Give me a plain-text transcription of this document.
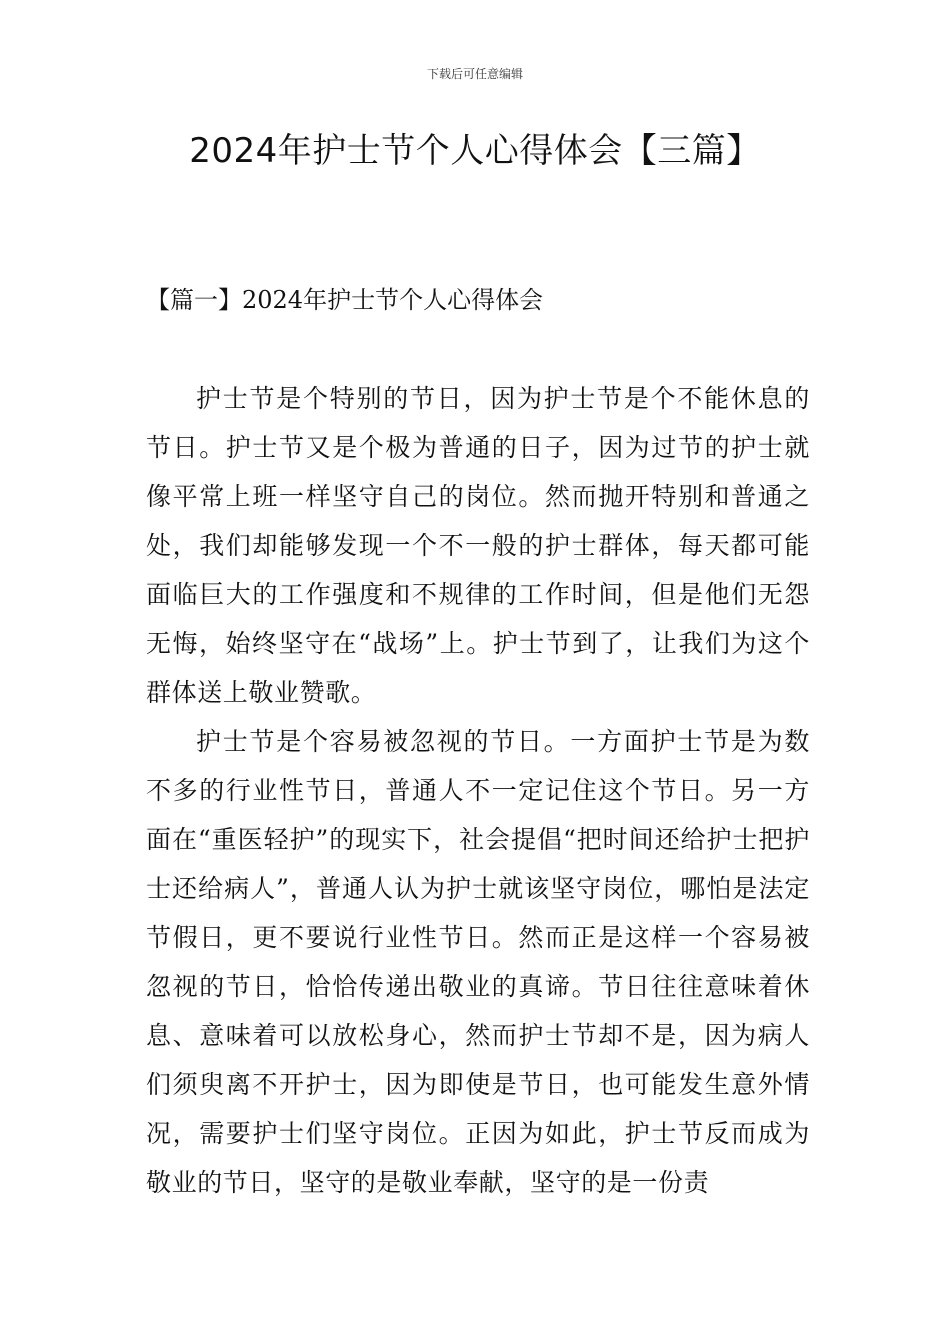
下载后可任意编辑
2024年护士节个人心得体会【三篇】
【篇一】2024年护士节个人心得体会

护士节是个特别的节日，因为护士节是个不能休息的节日。护士节又是个极为普通的日子，因为过节的护士就像平常上班一样坚守自己的岗位。然而抛开特别和普通之处，我们却能够发现一个不一般的护士群体，每天都可能面临巨大的工作强度和不规律的工作时间，但是他们无怨无悔，始终坚守在“战场”上。护士节到了，让我们为这个群体送上敬业赞歌。

护士节是个容易被忽视的节日。一方面护士节是为数不多的行业性节日，普通人不一定记住这个节日。另一方面在“重医轻护”的现实下，社会提倡“把时间还给护士把护士还给病人”，普通人认为护士就该坚守岗位，哪怕是法定节假日，更不要说行业性节日。然而正是这样一个容易被忽视的节日，恰恰传递出敬业的真谛。节日往往意味着休息、意味着可以放松身心，然而护士节却不是，因为病人们须臾离不开护士，因为即使是节日，也可能发生意外情况，需要护士们坚守岗位。正因为如此，护士节反而成为敬业的节日，坚守的是敬业奉献，坚守的是一份责
